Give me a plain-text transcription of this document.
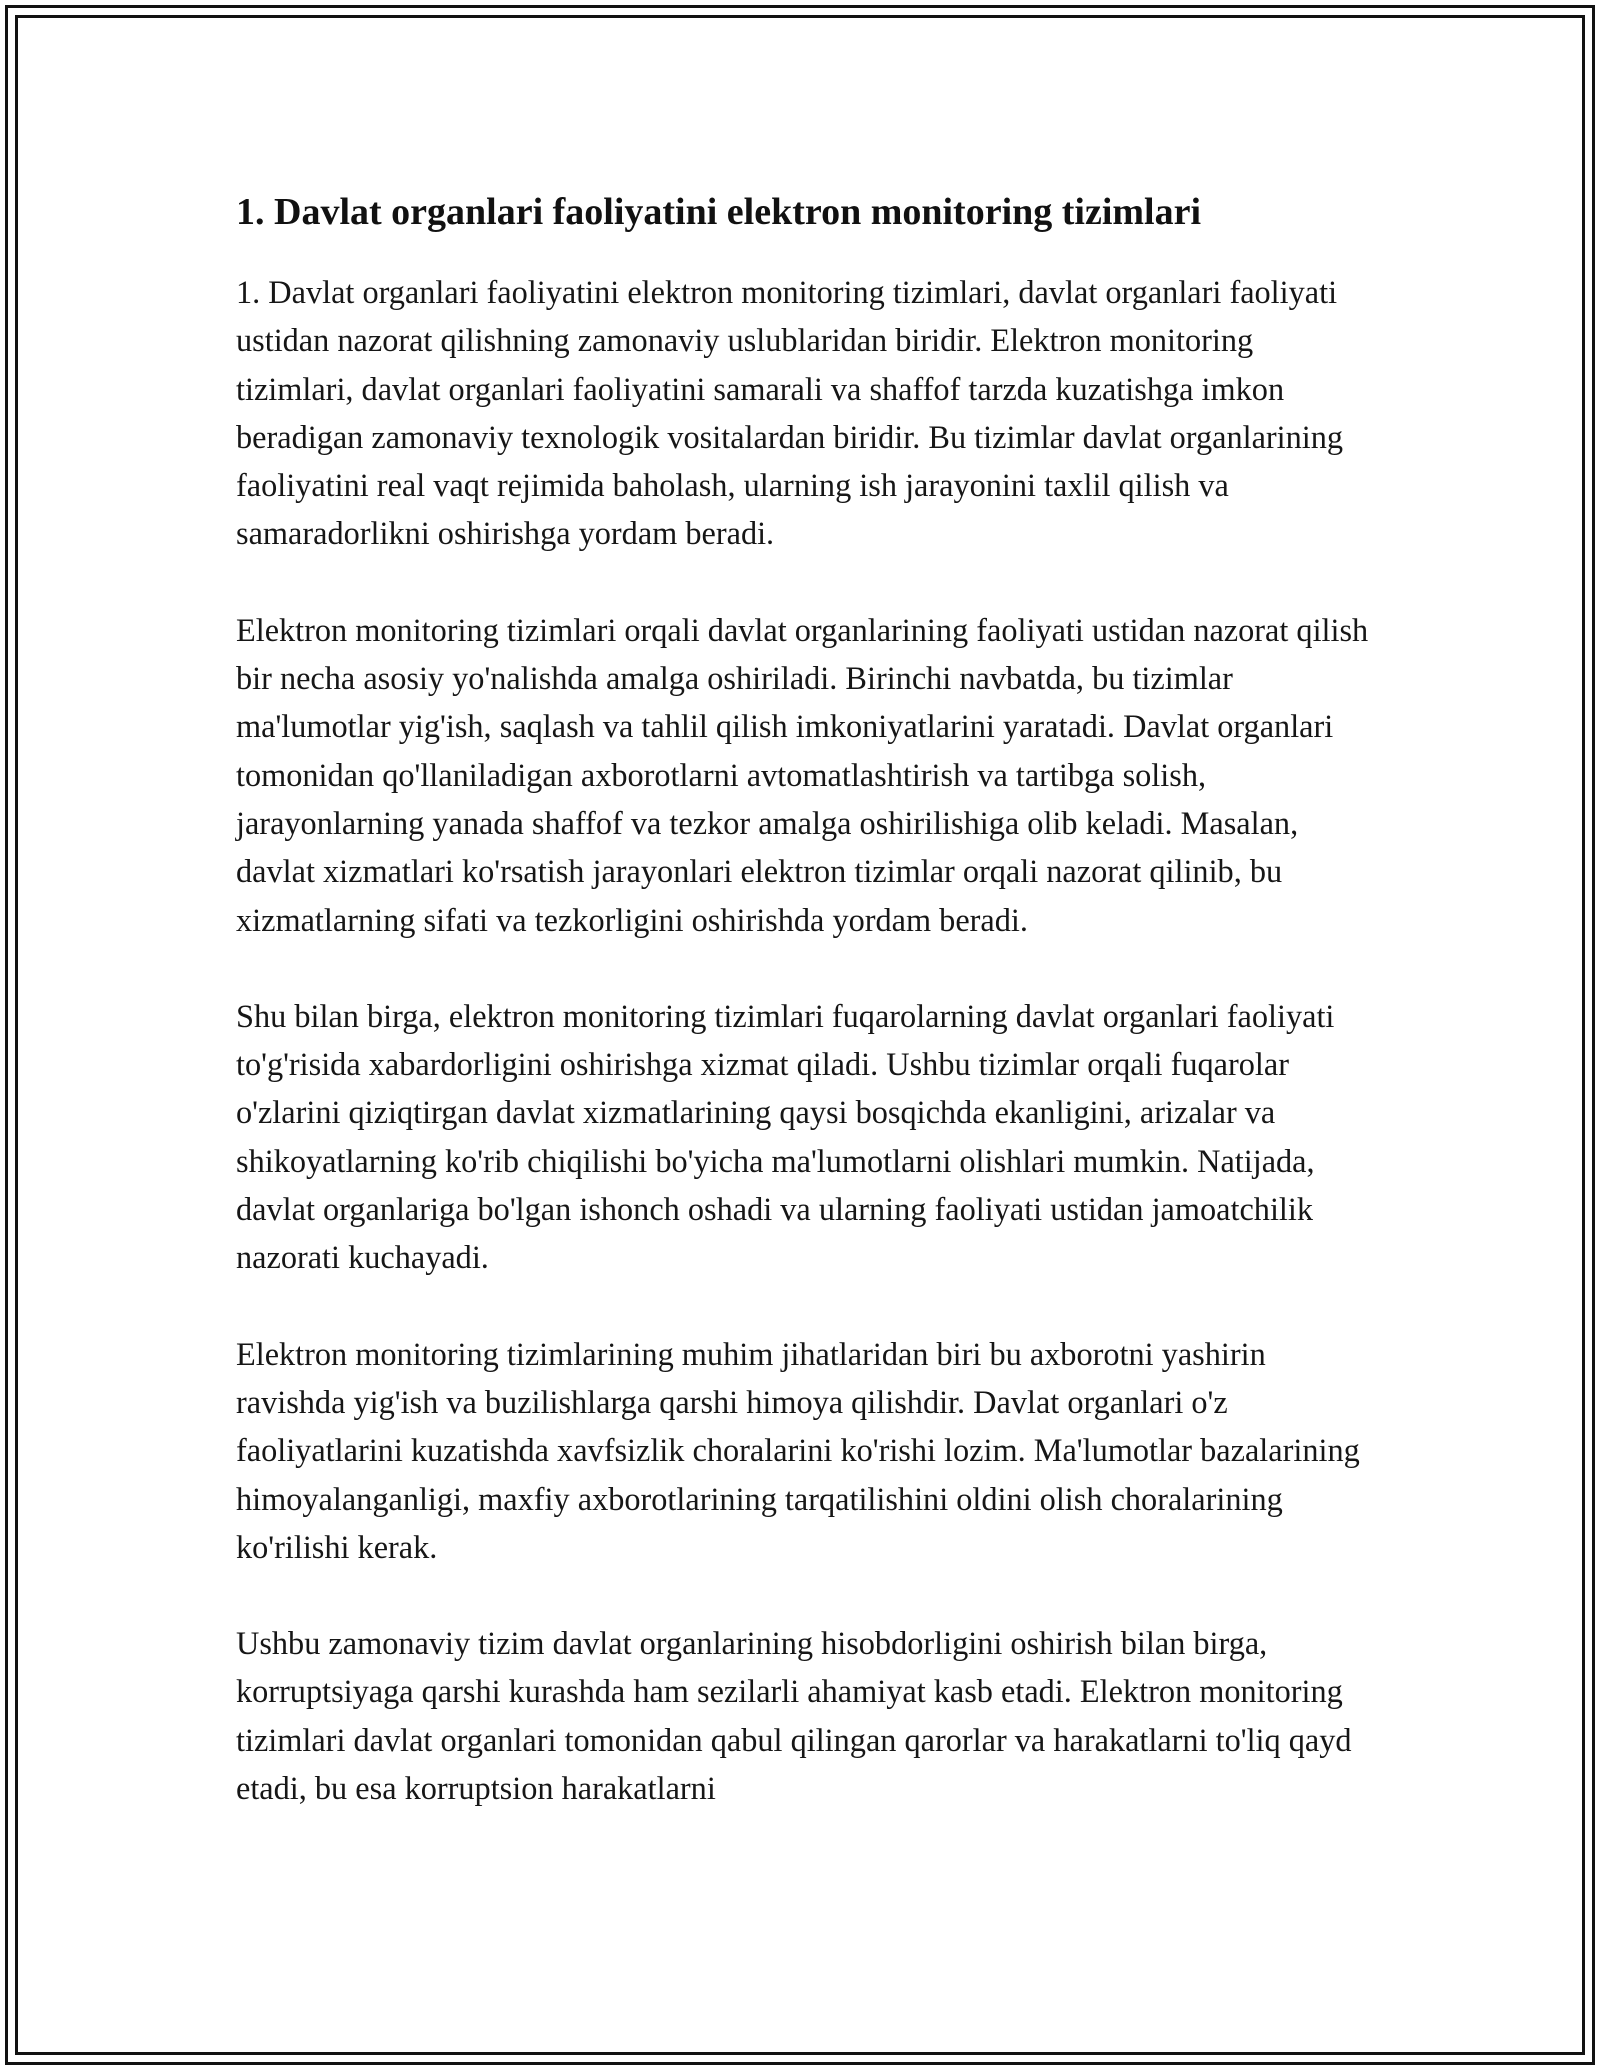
1. Davlat organlari faoliyatini elektron monitoring tizimlari

1. Davlat organlari faoliyatini elektron monitoring tizimlari, davlat organlari faoliyati ustidan nazorat qilishning zamonaviy uslublaridan biridir. Elektron monitoring tizimlari, davlat organlari faoliyatini samarali va shaffof tarzda kuzatishga imkon beradigan zamonaviy texnologik vositalardan biridir. Bu tizimlar davlat organlarining faoliyatini real vaqt rejimida baholash, ularning ish jarayonini taxlil qilish va samaradorlikni oshirishga yordam beradi.

Elektron monitoring tizimlari orqali davlat organlarining faoliyati ustidan nazorat qilish bir necha asosiy yo'nalishda amalga oshiriladi. Birinchi navbatda, bu tizimlar ma'lumotlar yig'ish, saqlash va tahlil qilish imkoniyatlarini yaratadi. Davlat organlari tomonidan qo'llaniladigan axborotlarni avtomatlashtirish va tartibga solish, jarayonlarning yanada shaffof va tezkor amalga oshirilishiga olib keladi. Masalan, davlat xizmatlari ko'rsatish jarayonlari elektron tizimlar orqali nazorat qilinib, bu xizmatlarning sifati va tezkorligini oshirishda yordam beradi.

Shu bilan birga, elektron monitoring tizimlari fuqarolarning davlat organlari faoliyati to'g'risida xabardorligini oshirishga xizmat qiladi. Ushbu tizimlar orqali fuqarolar o'zlarini qiziqtirgan davlat xizmatlarining qaysi bosqichda ekanligini, arizalar va shikoyatlarning ko'rib chiqilishi bo'yicha ma'lumotlarni olishlari mumkin. Natijada, davlat organlariga bo'lgan ishonch oshadi va ularning faoliyati ustidan jamoatchilik nazorati kuchayadi.

Elektron monitoring tizimlarining muhim jihatlaridan biri bu axborotni yashirin ravishda yig'ish va buzilishlarga qarshi himoya qilishdir. Davlat organlari o'z faoliyatlarini kuzatishda xavfsizlik choralarini ko'rishi lozim. Ma'lumotlar bazalarining himoyalanganligi, maxfiy axborotlarining tarqatilishini oldini olish choralarining ko'rilishi kerak.

Ushbu zamonaviy tizim davlat organlarining hisobdorligini oshirish bilan birga, korruptsiyaga qarshi kurashda ham sezilarli ahamiyat kasb etadi. Elektron monitoring tizimlari davlat organlari tomonidan qabul qilingan qarorlar va harakatlarni to'liq qayd etadi, bu esa korruptsion harakatlarni
